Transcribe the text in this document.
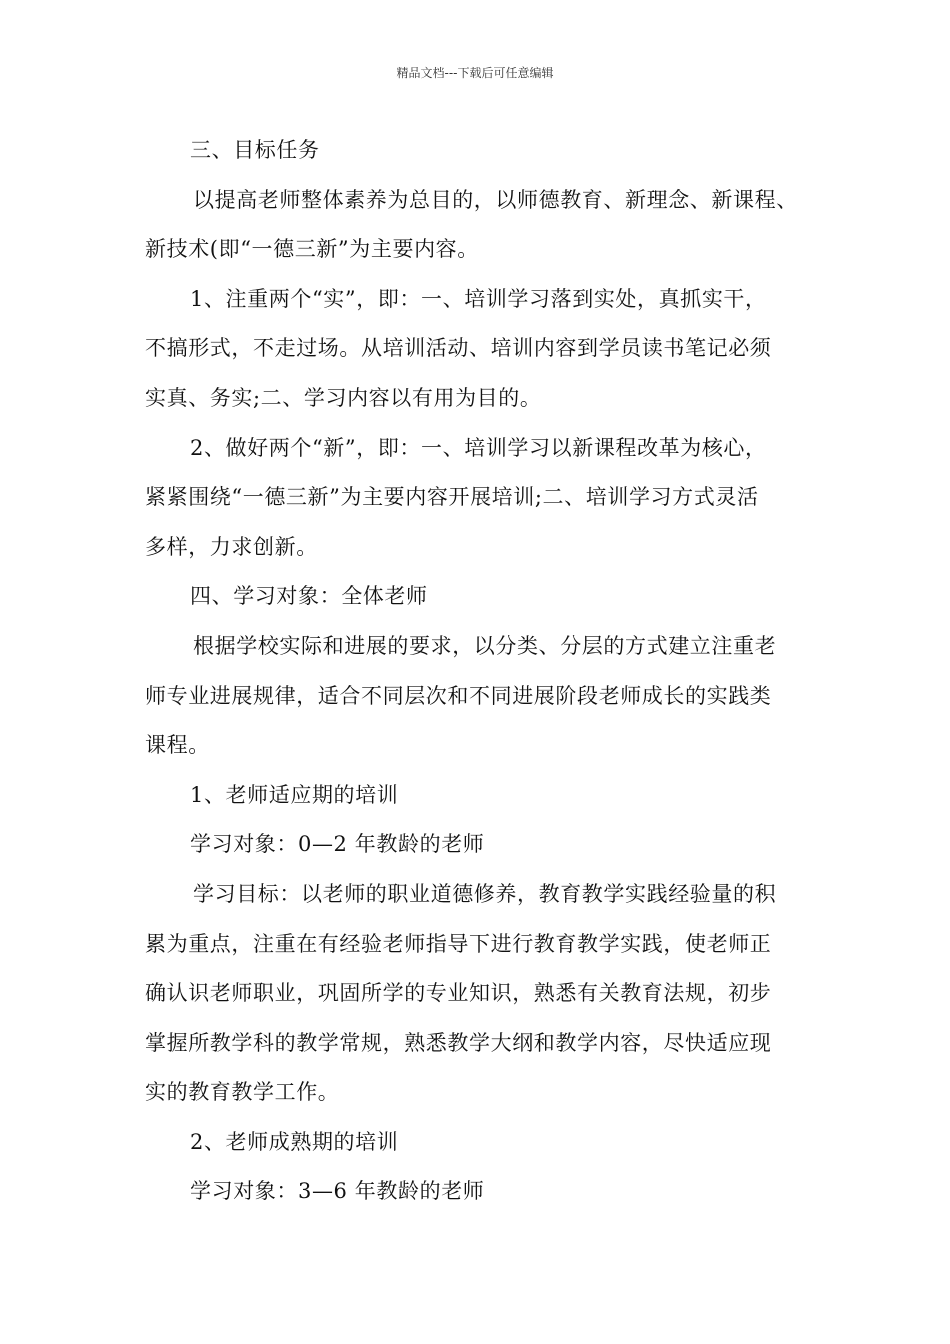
精品文档---下载后可任意编辑
三、目标任务
以提高老师整体素养为总目的，以师德教育、新理念、新课程、
新技术(即“一德三新”为主要内容。
1、注重两个“实”，即：一、培训学习落到实处，真抓实干，
不搞形式，不走过场。从培训活动、培训内容到学员读书笔记必须
实真、务实;二、学习内容以有用为目的。
2、做好两个“新”，即：一、培训学习以新课程改革为核心，
紧紧围绕“一德三新”为主要内容开展培训;二、培训学习方式灵活
多样，力求创新。
四、学习对象：全体老师
根据学校实际和进展的要求，以分类、分层的方式建立注重老
师专业进展规律，适合不同层次和不同进展阶段老师成长的实践类
课程。
1、老师适应期的培训
学习对象：0—2 年教龄的老师
学习目标：以老师的职业道德修养，教育教学实践经验量的积
累为重点，注重在有经验老师指导下进行教育教学实践，使老师正
确认识老师职业，巩固所学的专业知识，熟悉有关教育法规，初步
掌握所教学科的教学常规，熟悉教学大纲和教学内容，尽快适应现
实的教育教学工作。
2、老师成熟期的培训
学习对象：3—6 年教龄的老师
